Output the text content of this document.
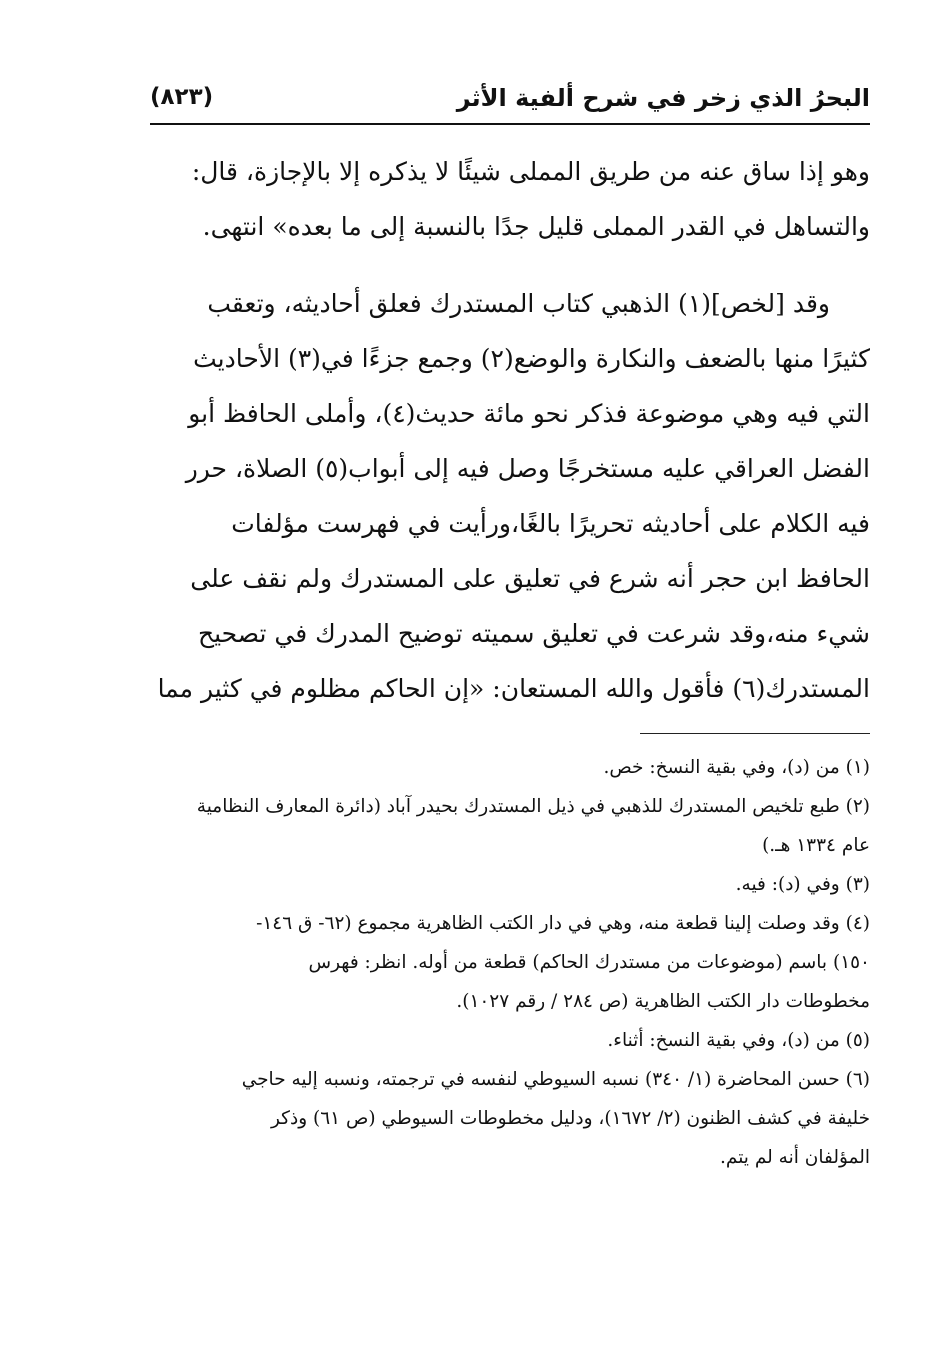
البحرُ الذي زخر في شرح ألفية الأثر
(٨٢٣)
وهو إذا ساق عنه من طريق المملى شيئًا لا يذكره إلا بالإجازة، قال:
والتساهل في القدر المملى قليل جدًا بالنسبة إلى ما بعده» انتهى.
وقد [لخص](١) الذهبي كتاب المستدرك فعلق أحاديثه، وتعقب
كثيرًا منها بالضعف والنكارة والوضع(٢) وجمع جزءًا في(٣) الأحاديث
التي فيه وهي موضوعة فذكر نحو مائة حديث(٤)، وأملى الحافظ أبو
الفضل العراقي عليه مستخرجًا وصل فيه إلى أبواب(٥) الصلاة، حرر
فيه الكلام على أحاديثه تحريرًا بالغًا،ورأيت في فهرست مؤلفات
الحافظ ابن حجر أنه شرع في تعليق على المستدرك ولم نقف على
شيء منه،وقد شرعت في تعليق سميته توضيح المدرك في تصحيح
المستدرك(٦) فأقول والله المستعان: «إن الحاكم مظلوم في كثير مما
(١) من (د)، وفي بقية النسخ: خص.
(٢) طبع تلخيص المستدرك للذهبي في ذيل المستدرك بحيدر آباد (دائرة المعارف النظامية
عام ١٣٣٤ هـ.)
(٣) وفي (د): فيه.
(٤) وقد وصلت إلينا قطعة منه، وهي في دار الكتب الظاهرية مجموع (٦٢- ق ١٤٦-
١٥٠) باسم (موضوعات من مستدرك الحاكم) قطعة من أوله. انظر: فهرس
مخطوطات دار الكتب الظاهرية (ص ٢٨٤ / رقم ١٠٢٧).
(٥) من (د)، وفي بقية النسخ: أثناء.
(٦) حسن المحاضرة (١/ ٣٤٠) نسبه السيوطي لنفسه في ترجمته، ونسبه إليه حاجي
خليفة في كشف الظنون (٢/ ١٦٧٢)، ودليل مخطوطات السيوطي (ص ٦١) وذكر
المؤلفان أنه لم يتم.
